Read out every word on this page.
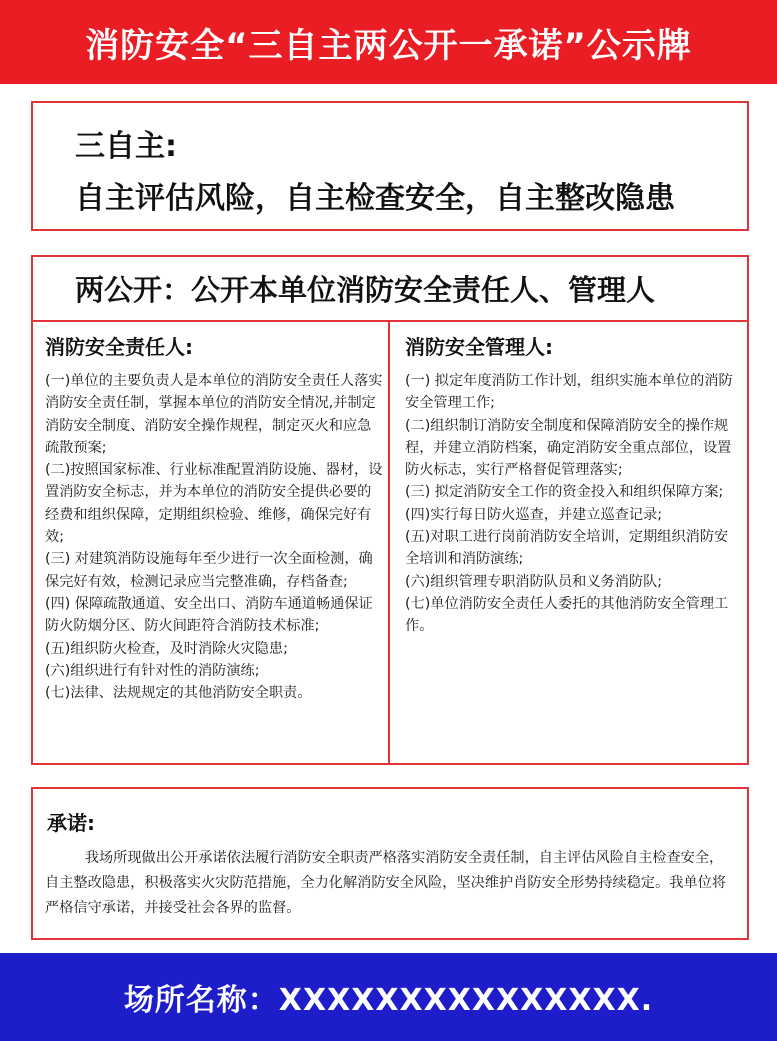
消防安全“三自主两公开一承诺”公示牌
三自主:
自主评估风险，自主检查安全，自主整改隐患
两公开：公开本单位消防安全责任人、管理人
消防安全责任人:
(一)单位的主要负责人是本单位的消防安全责任人落实消防安全责任制，掌握本单位的消防安全情况,并制定消防安全制度、消防安全操作规程，制定灭火和应急疏散预案;
(二)按照国家标准、行业标准配置消防设施、器材，设置消防安全标志，并为本单位的消防安全提供必要的经费和组织保障，定期组织检验、维修，确保完好有效;
(三) 对建筑消防设施每年至少进行一次全面检测，确保完好有效，检测记录应当完整准确，存档备查;
(四) 保障疏散通道、安全出口、消防车通道畅通保证防火防烟分区、防火间距符合消防技术标准;
(五)组织防火检查，及时消除火灾隐患;
(六)组织进行有针对性的消防演练;
(七)法律、法规规定的其他消防安全职责。
消防安全管理人:
(一) 拟定年度消防工作计划，组织实施本单位的消防安全管理工作;
(二)组织制订消防安全制度和保障消防安全的操作规程，并建立消防档案，确定消防安全重点部位，设置防火标志，实行严格督促管理落实;
(三) 拟定消防安全工作的资金投入和组织保障方案;
(四)实行每日防火巡查，并建立巡查记录;
(五)对职工进行岗前消防安全培训，定期组织消防安全培训和消防演练;
(六)组织管理专职消防队员和义务消防队;
(七)单位消防安全责任人委托的其他消防安全管理工作。
承诺:
我场所现做出公开承诺依法履行消防安全职责严格落实消防安全责任制，自主评估风险自主检查安全，自主整改隐患，积极落实火灾防范措施，全力化解消防安全风险，坚决维护肖防安全形势持续稳定。我单位将严格信守承诺，并接受社会各界的监督。
场所名称：XXXXXXXXXXXXXXX.
